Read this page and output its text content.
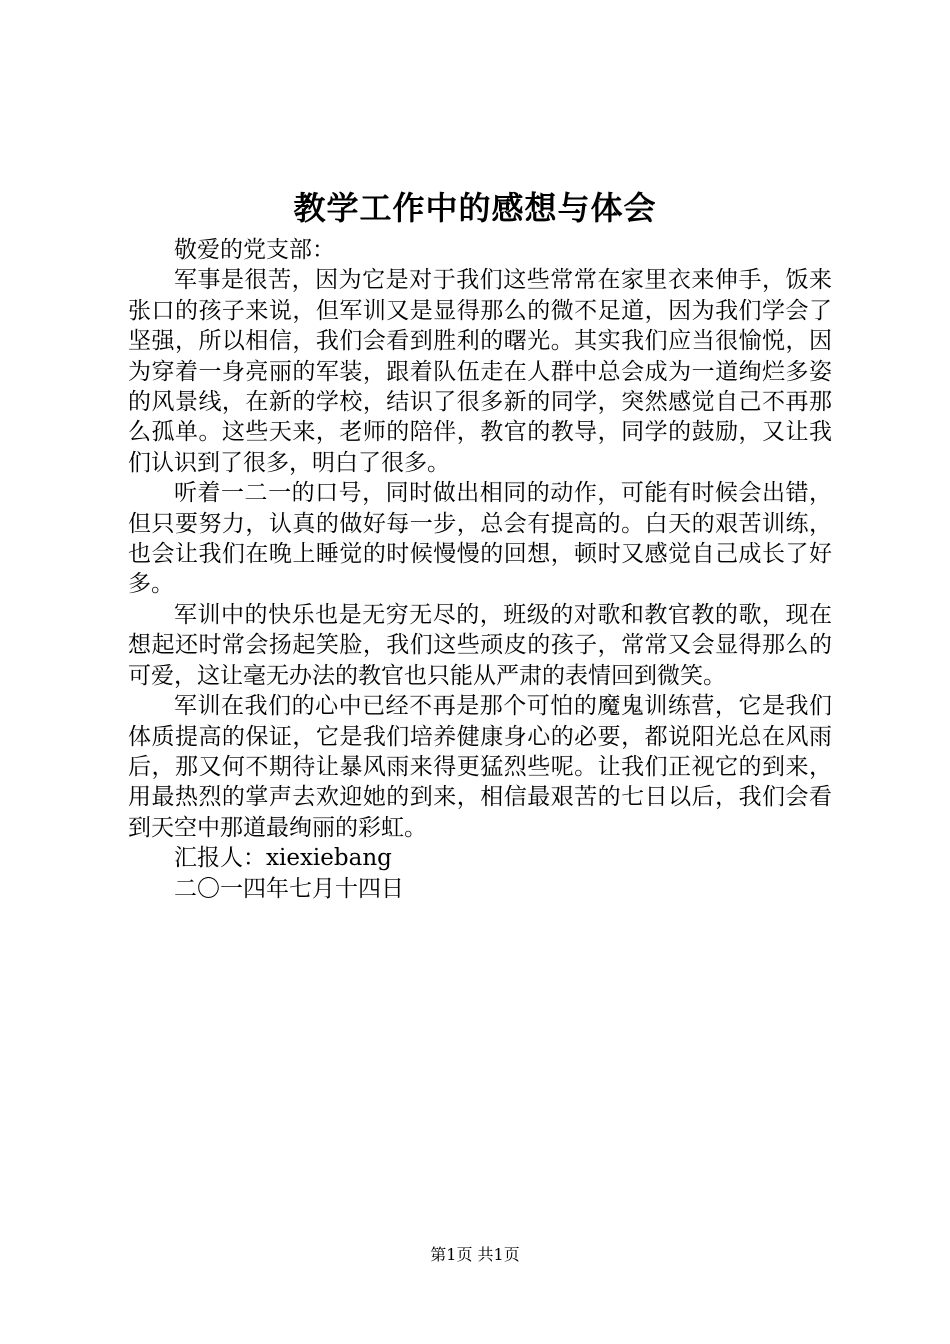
教学工作中的感想与体会

敬爱的党支部：

军事是很苦，因为它是对于我们这些常常在家里衣来伸手，饭来张口的孩子来说，但军训又是显得那么的微不足道，因为我们学会了坚强，所以相信，我们会看到胜利的曙光。其实我们应当很愉悦，因为穿着一身亮丽的军装，跟着队伍走在人群中总会成为一道绚烂多姿的风景线，在新的学校，结识了很多新的同学，突然感觉自己不再那么孤单。这些天来，老师的陪伴，教官的教导，同学的鼓励，又让我们认识到了很多，明白了很多。

听着一二一的口号，同时做出相同的动作，可能有时候会出错，但只要努力，认真的做好每一步，总会有提高的。白天的艰苦训练，也会让我们在晚上睡觉的时候慢慢的回想，顿时又感觉自己成长了好多。

军训中的快乐也是无穷无尽的，班级的对歌和教官教的歌，现在想起还时常会扬起笑脸，我们这些顽皮的孩子，常常又会显得那么的可爱，这让毫无办法的教官也只能从严肃的表情回到微笑。

军训在我们的心中已经不再是那个可怕的魔鬼训练营，它是我们体质提高的保证，它是我们培养健康身心的必要，都说阳光总在风雨后，那又何不期待让暴风雨来得更猛烈些呢。让我们正视它的到来，用最热烈的掌声去欢迎她的到来，相信最艰苦的七日以后，我们会看到天空中那道最绚丽的彩虹。

汇报人：xiexiebang

二〇一四年七月十四日

第1页 共1页
